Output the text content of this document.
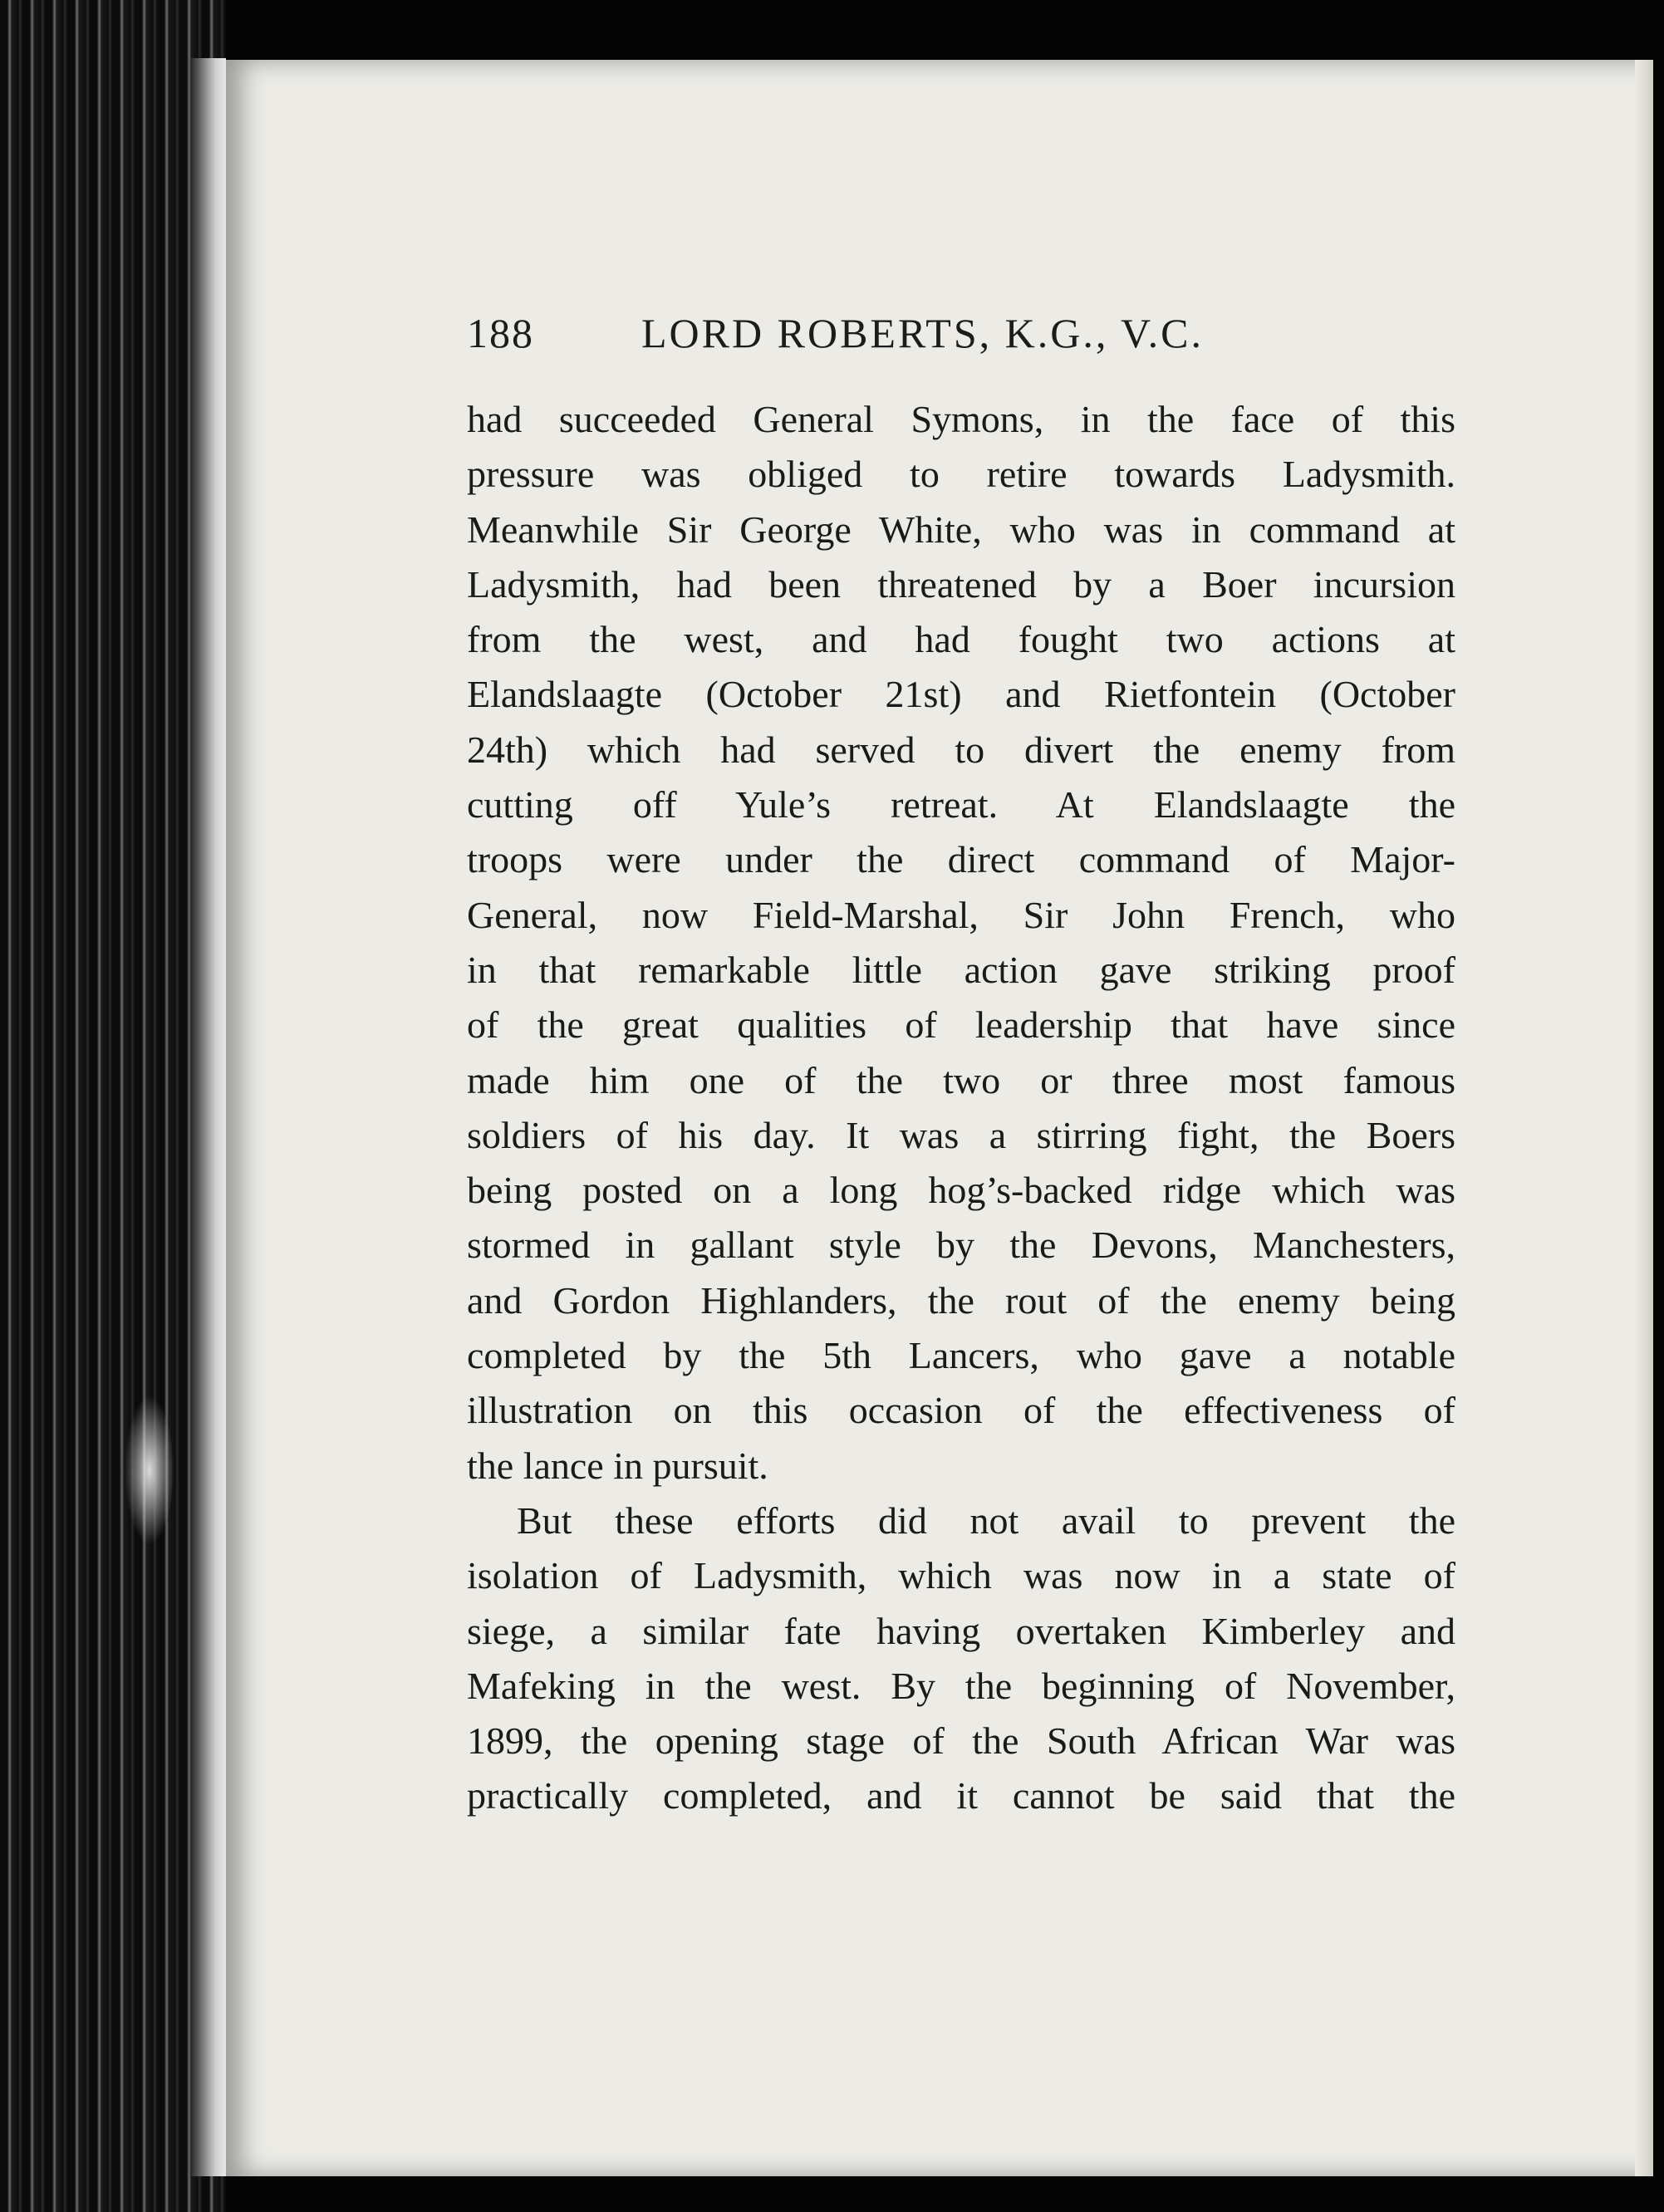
188	LORD ROBERTS, K.G., V.C.
had succeeded General Symons, in the face of this
pressure was obliged to retire towards Ladysmith.
Meanwhile Sir George White, who was in command at
Ladysmith, had been threatened by a Boer incursion
from the west, and had fought two actions at
Elandslaagte (October 21st) and Rietfontein (October
24th) which had served to divert the enemy from
cutting off Yule’s retreat. At Elandslaagte the
troops were under the direct command of Major-
General, now Field-Marshal, Sir John French, who
in that remarkable little action gave striking proof
of the great qualities of leadership that have since
made him one of the two or three most famous
soldiers of his day. It was a stirring fight, the Boers
being posted on a long hog’s-backed ridge which was
stormed in gallant style by the Devons, Manchesters,
and Gordon Highlanders, the rout of the enemy being
completed by the 5th Lancers, who gave a notable
illustration on this occasion of the effectiveness of
the lance in pursuit.
But these efforts did not avail to prevent the
isolation of Ladysmith, which was now in a state of
siege, a similar fate having overtaken Kimberley and
Mafeking in the west. By the beginning of November,
1899, the opening stage of the South African War was
practically completed, and it cannot be said that the
